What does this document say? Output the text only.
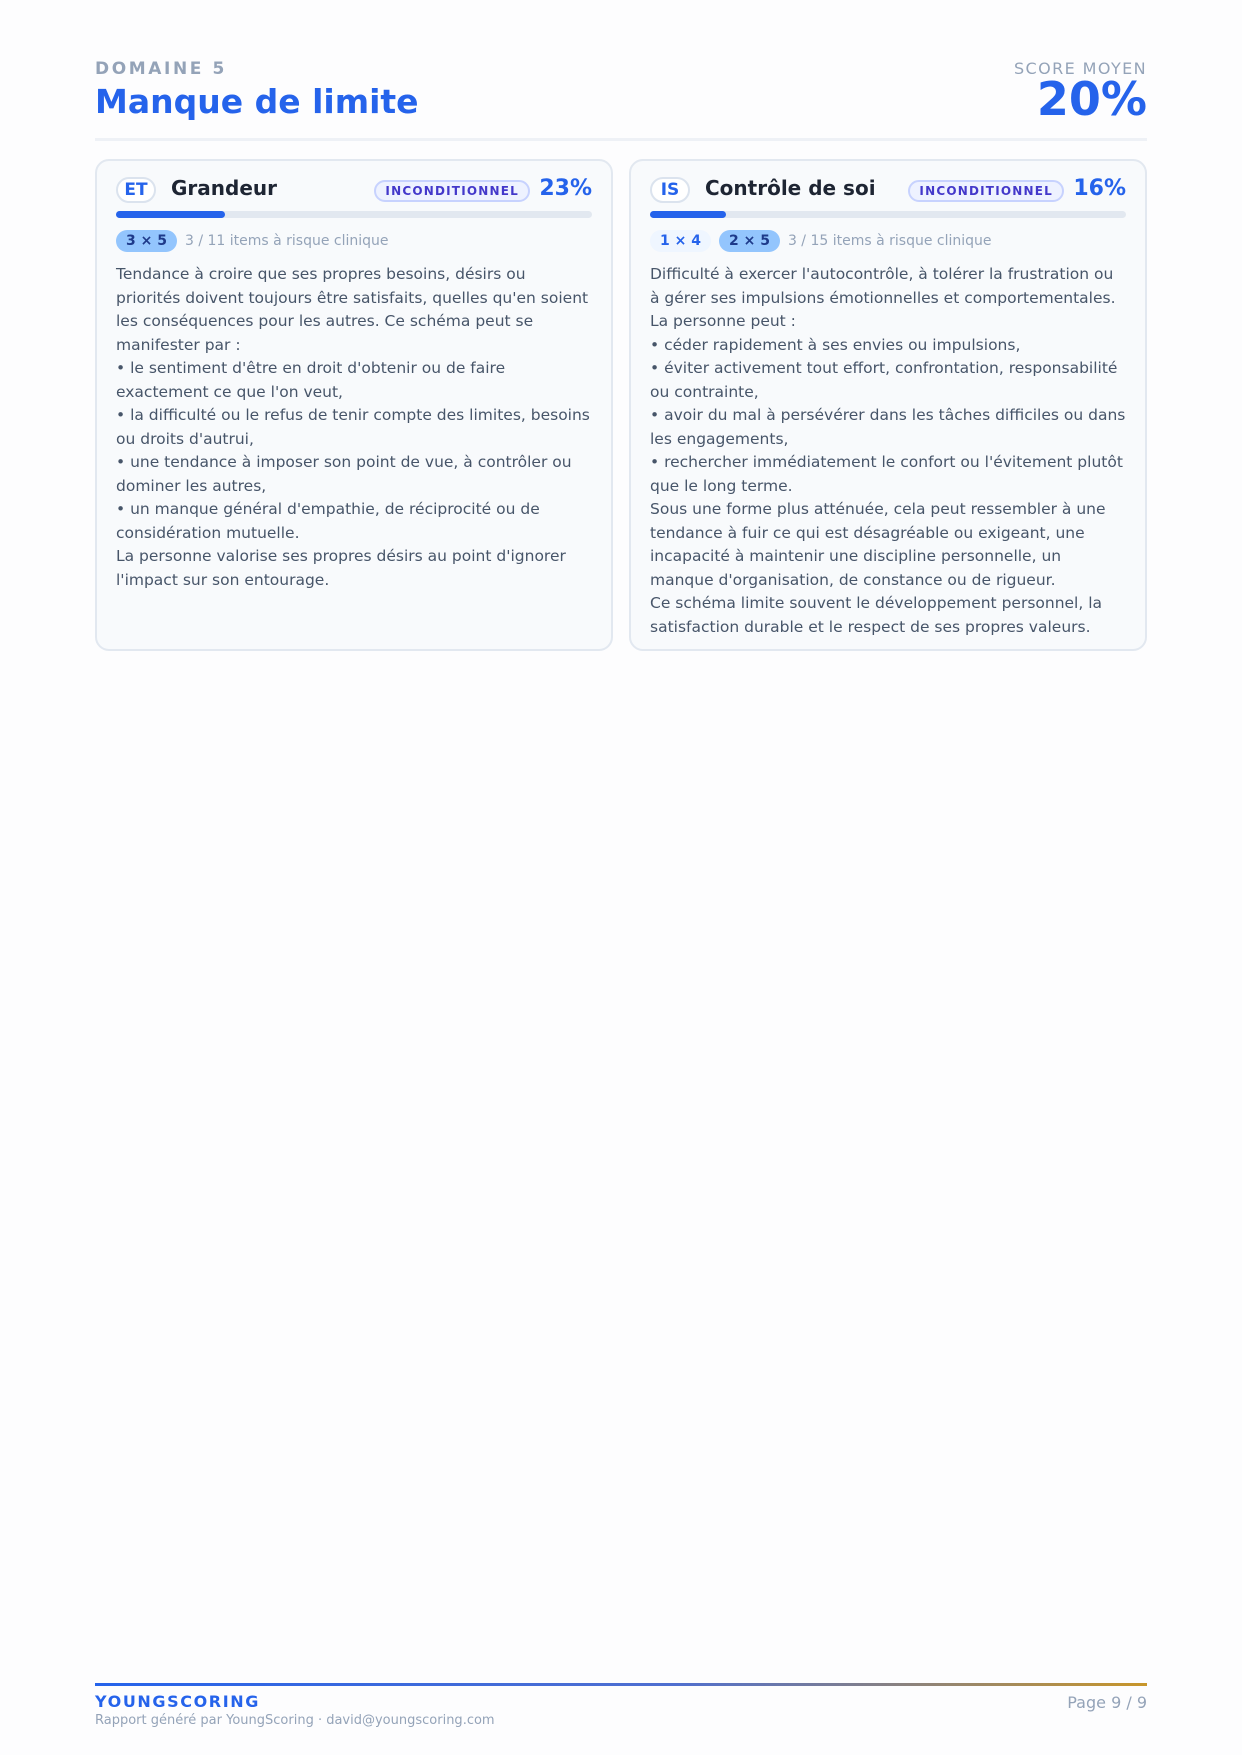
DOMAINE 5
Manque de limite
SCORE MOYEN
20%
ET	Grandeur	INCONDITIONNEL 23%
3 × 5	3 / 11 items à risque clinique
Tendance à croire que ses propres besoins, désirs ou priorités doivent toujours être satisfaits, quelles qu'en soient les conséquences pour les autres. Ce schéma peut se manifester par :
• le sentiment d'être en droit d'obtenir ou de faire exactement ce que l'on veut,
• la difficulté ou le refus de tenir compte des limites, besoins ou droits d'autrui,
• une tendance à imposer son point de vue, à contrôler ou dominer les autres,
• un manque général d'empathie, de réciprocité ou de considération mutuelle.
La personne valorise ses propres désirs au point d'ignorer l'impact sur son entourage.
IS	Contrôle de soi	INCONDITIONNEL 16%
1 × 4	2 × 5	3 / 15 items à risque clinique
Difficulté à exercer l'autocontrôle, à tolérer la frustration ou à gérer ses impulsions émotionnelles et comportementales. La personne peut :
• céder rapidement à ses envies ou impulsions,
• éviter activement tout effort, confrontation, responsabilité ou contrainte,
• avoir du mal à persévérer dans les tâches difficiles ou dans les engagements,
• rechercher immédiatement le confort ou l'évitement plutôt que le long terme.
Sous une forme plus atténuée, cela peut ressembler à une tendance à fuir ce qui est désagréable ou exigeant, une incapacité à maintenir une discipline personnelle, un manque d'organisation, de constance ou de rigueur.
Ce schéma limite souvent le développement personnel, la satisfaction durable et le respect de ses propres valeurs.
YOUNGSCORING
Rapport généré par YoungScoring · david@youngscoring.com
Page 9 / 9
